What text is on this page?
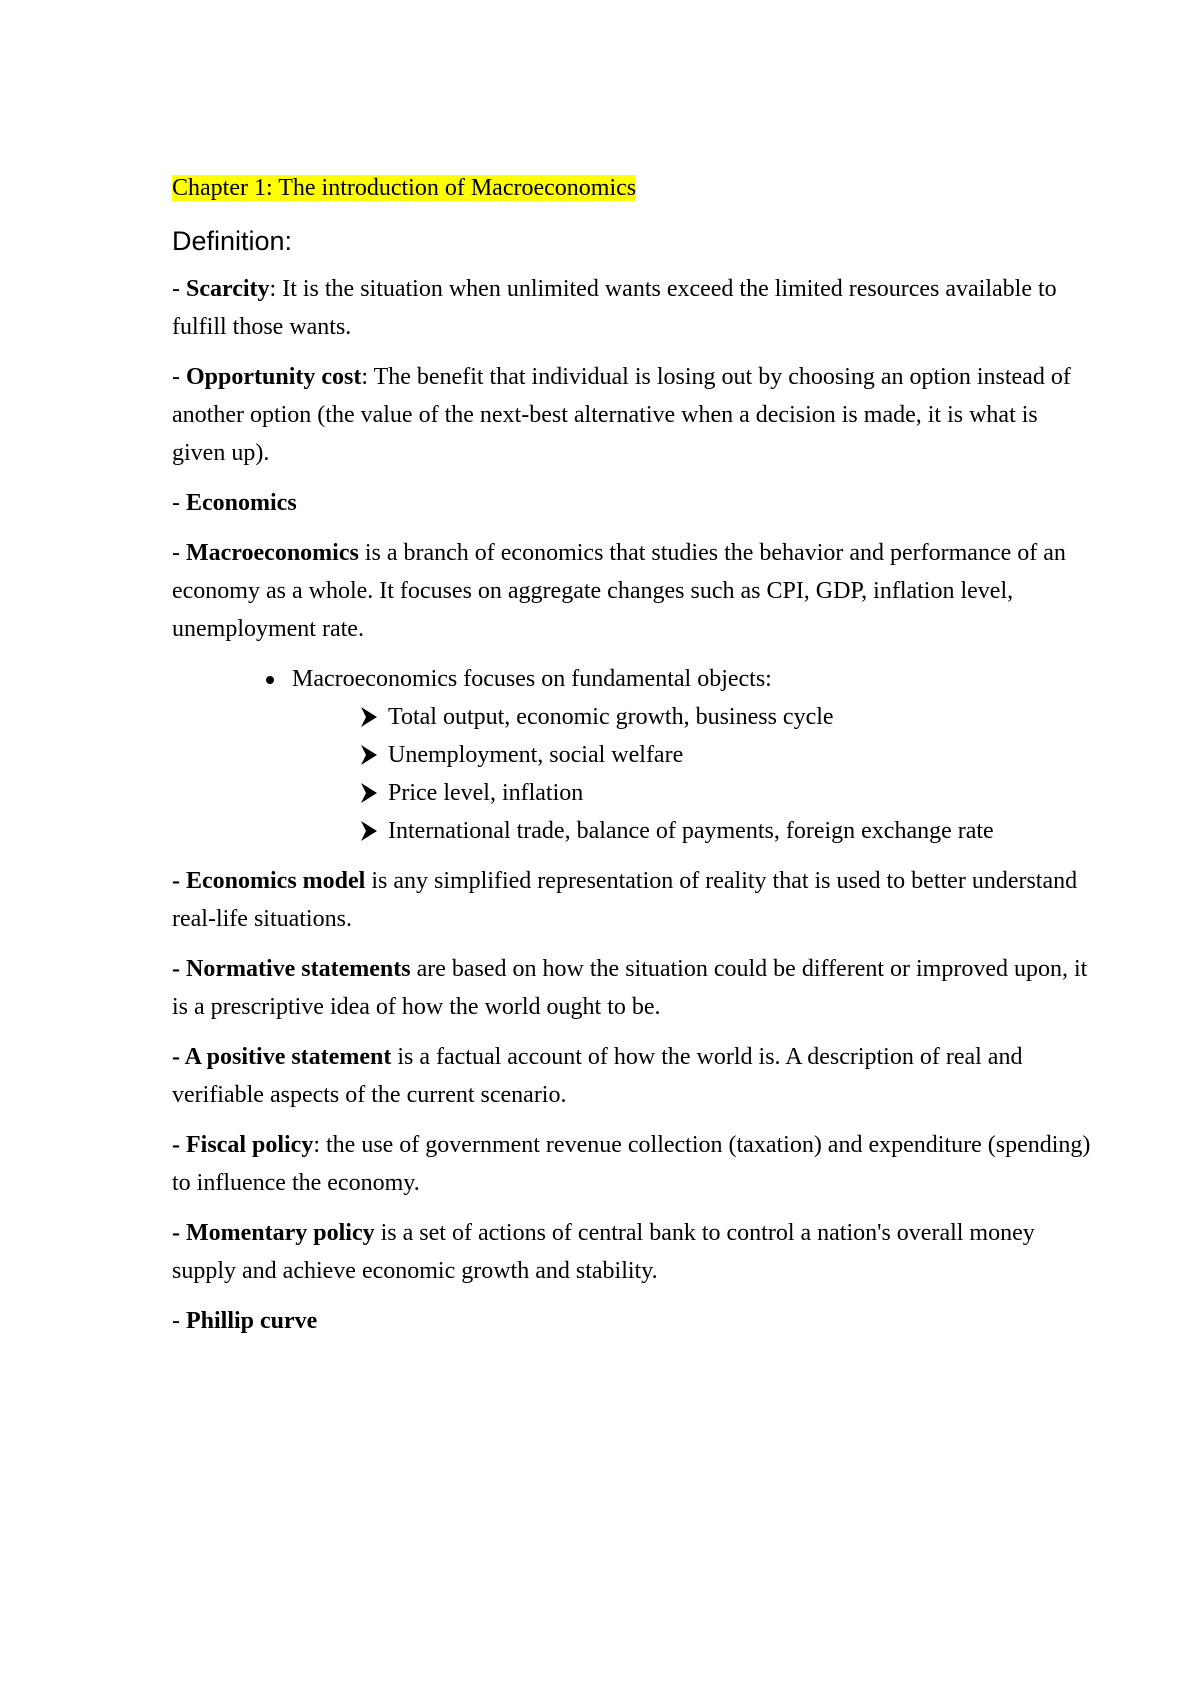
Chapter 1: The introduction of Macroeconomics

Definition:

- Scarcity: It is the situation when unlimited wants exceed the limited resources available to fulfill those wants.

- Opportunity cost: The benefit that individual is losing out by choosing an option instead of another option (the value of the next-best alternative when a decision is made, it is what is given up).

- Economics

- Macroeconomics is a branch of economics that studies the behavior and performance of an economy as a whole. It focuses on aggregate changes such as CPI, GDP, inflation level, unemployment rate.

Macroeconomics focuses on fundamental objects:
Total output, economic growth, business cycle
Unemployment, social welfare
Price level, inflation
International trade, balance of payments, foreign exchange rate

- Economics model is any simplified representation of reality that is used to better understand real-life situations.

- Normative statements are based on how the situation could be different or improved upon, it is a prescriptive idea of how the world ought to be.

- A positive statement is a factual account of how the world is. A description of real and verifiable aspects of the current scenario.

- Fiscal policy: the use of government revenue collection (taxation) and expenditure (spending) to influence the economy.

- Momentary policy is a set of actions of central bank to control a nation's overall money supply and achieve economic growth and stability.

- Phillip curve
